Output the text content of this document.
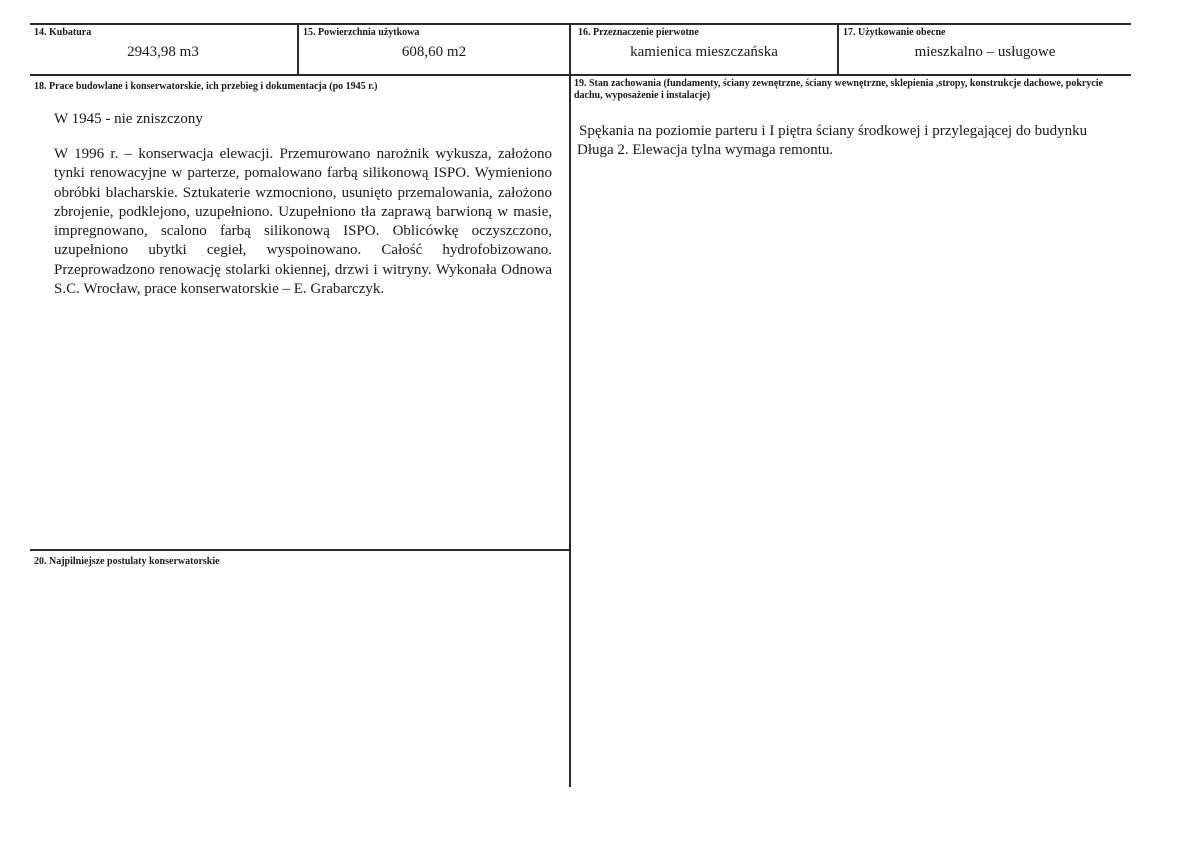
14. Kubatura
2943,98 m3
15. Powierzchnia użytkowa
608,60 m2
16. Przeznaczenie pierwotne
kamienica mieszczańska
17. Użytkowanie obecne
mieszkalno – usługowe
18. Prace budowlane i konserwatorskie, ich przebieg i dokumentacja (po 1945 r.)
W 1945 - nie zniszczony
W 1996 r. – konserwacja elewacji. Przemurowano narożnik wykusza, założono tynki renowacyjne w parterze, pomalowano farbą silikonową ISPO. Wymieniono obróbki blacharskie. Sztukaterie wzmocniono, usunięto przemalowania, założono zbrojenie, podklejono, uzupełniono. Uzupełniono tła zaprawą barwioną w masie, impregnowano, scalono farbą silikonową ISPO. Oblicówkę oczyszczono, uzupełniono ubytki cegieł, wyspoinowano. Całość hydrofobizowano. Przeprowadzono renowację stolarki okiennej, drzwi i witryny. Wykonała Odnowa S.C. Wrocław, prace konserwatorskie – E. Grabarczyk.
19. Stan zachowania (fundamenty, ściany zewnętrzne, ściany wewnętrzne, sklepienia ,stropy, konstrukcje dachowe, pokrycie dachu, wyposażenie i instalacje)
Spękania na poziomie parteru i I piętra ściany środkowej i przylegającej do budynku Długa 2. Elewacja tylna wymaga remontu.
20. Najpilniejsze postulaty konserwatorskie
